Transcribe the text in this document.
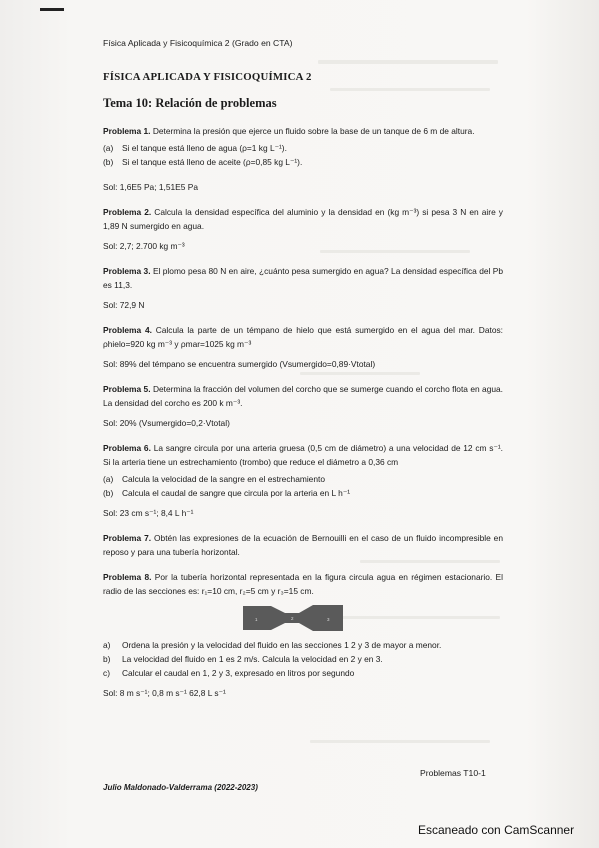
Física Aplicada y Fisicoquímica 2 (Grado en CTA)
FÍSICA APLICADA Y FISICOQUÍMICA 2
Tema 10: Relación de problemas

Problema 1. Determina la presión que ejerce un fluido sobre la base de un tanque de 6 m de altura.

(a) Si el tanque está lleno de agua (ρ=1 kg L⁻¹).
(b) Si el tanque está lleno de aceite (ρ=0,85 kg L⁻¹).

Sol: 1,6E5 Pa; 1,51E5 Pa

Problema 2. Calcula la densidad específica del aluminio y la densidad en (kg m⁻³) si pesa 3 N en aire y 1,89 N sumergido en agua.

Sol: 2,7; 2.700 kg m⁻³

Problema 3. El plomo pesa 80 N en aire, ¿cuánto pesa sumergido en agua? La densidad específica del Pb es 11,3.

Sol: 72,9 N

Problema 4. Calcula la parte de un témpano de hielo que está sumergido en el agua del mar. Datos: ρhielo=920 kg m⁻³ y ρmar=1025 kg m⁻³

Sol: 89% del témpano se encuentra sumergido (Vsumergido=0,89·Vtotal)

Problema 5. Determina la fracción del volumen del corcho que se sumerge cuando el corcho flota en agua. La densidad del corcho es 200 k m⁻³.

Sol: 20% (Vsumergido=0,2·Vtotal)

Problema 6. La sangre circula por una arteria gruesa (0,5 cm de diámetro) a una velocidad de 12 cm s⁻¹. Si la arteria tiene un estrechamiento (trombo) que reduce el diámetro a 0,36 cm

(a) Calcula la velocidad de la sangre en el estrechamiento
(b) Calcula el caudal de sangre que circula por la arteria en L h⁻¹

Sol: 23 cm s⁻¹; 8,4 L h⁻¹

Problema 7. Obtén las expresiones de la ecuación de Bernouilli en el caso de un fluido incompresible en reposo y para una tubería horizontal.

Problema 8. Por la tubería horizontal representada en la figura circula agua en régimen estacionario. El radio de las secciones es: r₁=10 cm, r₂=5 cm y r₃=15 cm.

1	2	3
a) Ordena la presión y la velocidad del fluido en las secciones 1 2 y 3 de mayor a menor.
b) La velocidad del fluido en 1 es 2 m/s. Calcula la velocidad en 2 y en 3.
c) Calcular el caudal en 1, 2 y 3, expresado en litros por segundo

Sol: 8 m s⁻¹; 0,8 m s⁻¹ 62,8 L s⁻¹

Problemas T10-1
Julio Maldonado-Valderrama (2022-2023)
Escaneado con CamScanner
